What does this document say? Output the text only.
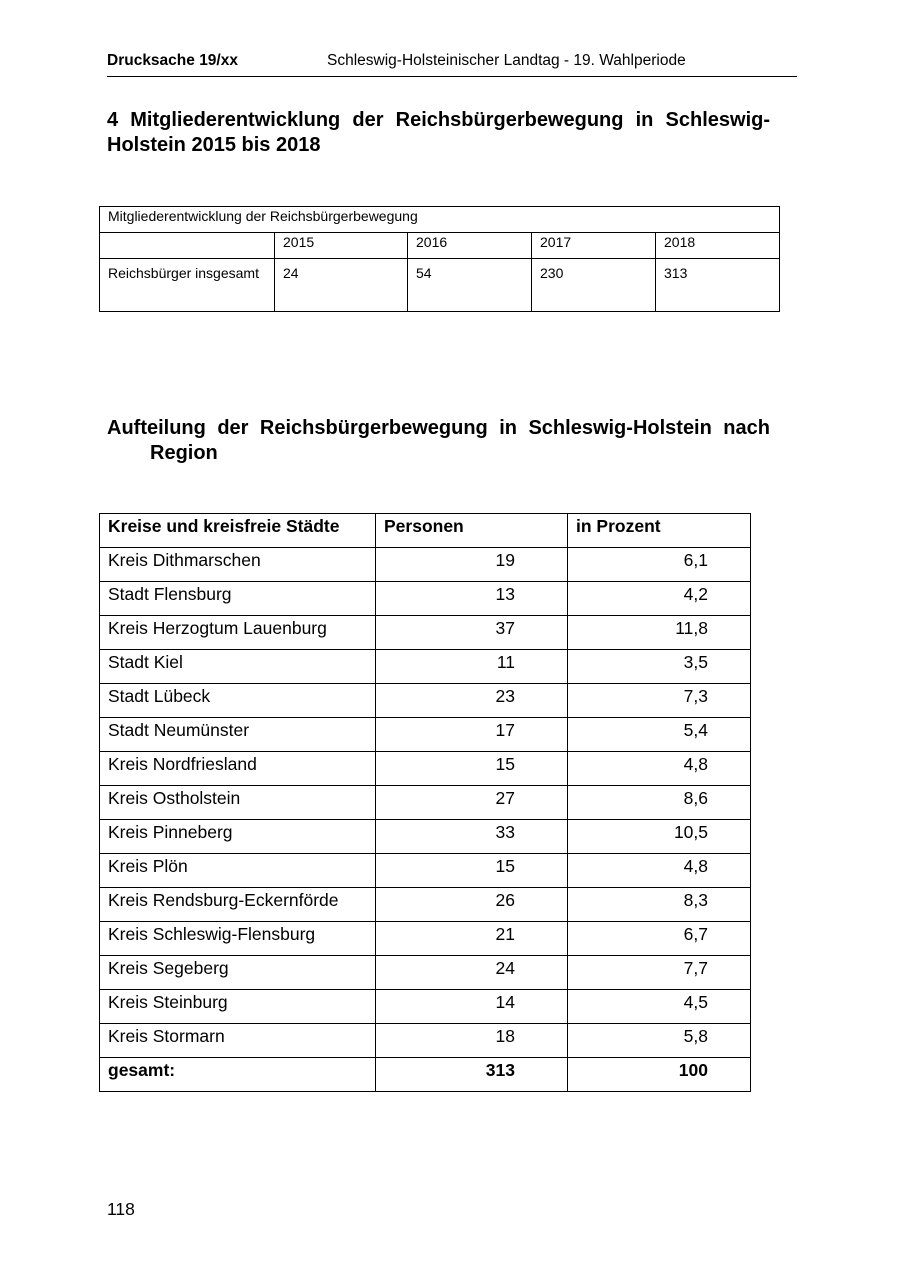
Drucksache 19/xx	Schleswig-Holsteinischer Landtag - 19. Wahlperiode
4 Mitgliederentwicklung der Reichsbürgerbewegung in Schleswig-Holstein 2015 bis 2018
Mitgliederentwicklung der Reichsbürgerbewegung				
	2015	2016	2017	2018
Reichsbürger insgesamt	24	54	230	313
Aufteilung der Reichsbürgerbewegung in Schleswig-Holstein nach Region
Kreise und kreisfreie Städte	Personen	in Prozent
Kreis Dithmarschen	19	6,1
Stadt Flensburg	13	4,2
Kreis Herzogtum Lauenburg	37	11,8
Stadt Kiel	11	3,5
Stadt Lübeck	23	7,3
Stadt Neumünster	17	5,4
Kreis Nordfriesland	15	4,8
Kreis Ostholstein	27	8,6
Kreis Pinneberg	33	10,5
Kreis Plön	15	4,8
Kreis Rendsburg-Eckernförde	26	8,3
Kreis Schleswig-Flensburg	21	6,7
Kreis Segeberg	24	7,7
Kreis Steinburg	14	4,5
Kreis Stormarn	18	5,8
gesamt:	313	100
118
